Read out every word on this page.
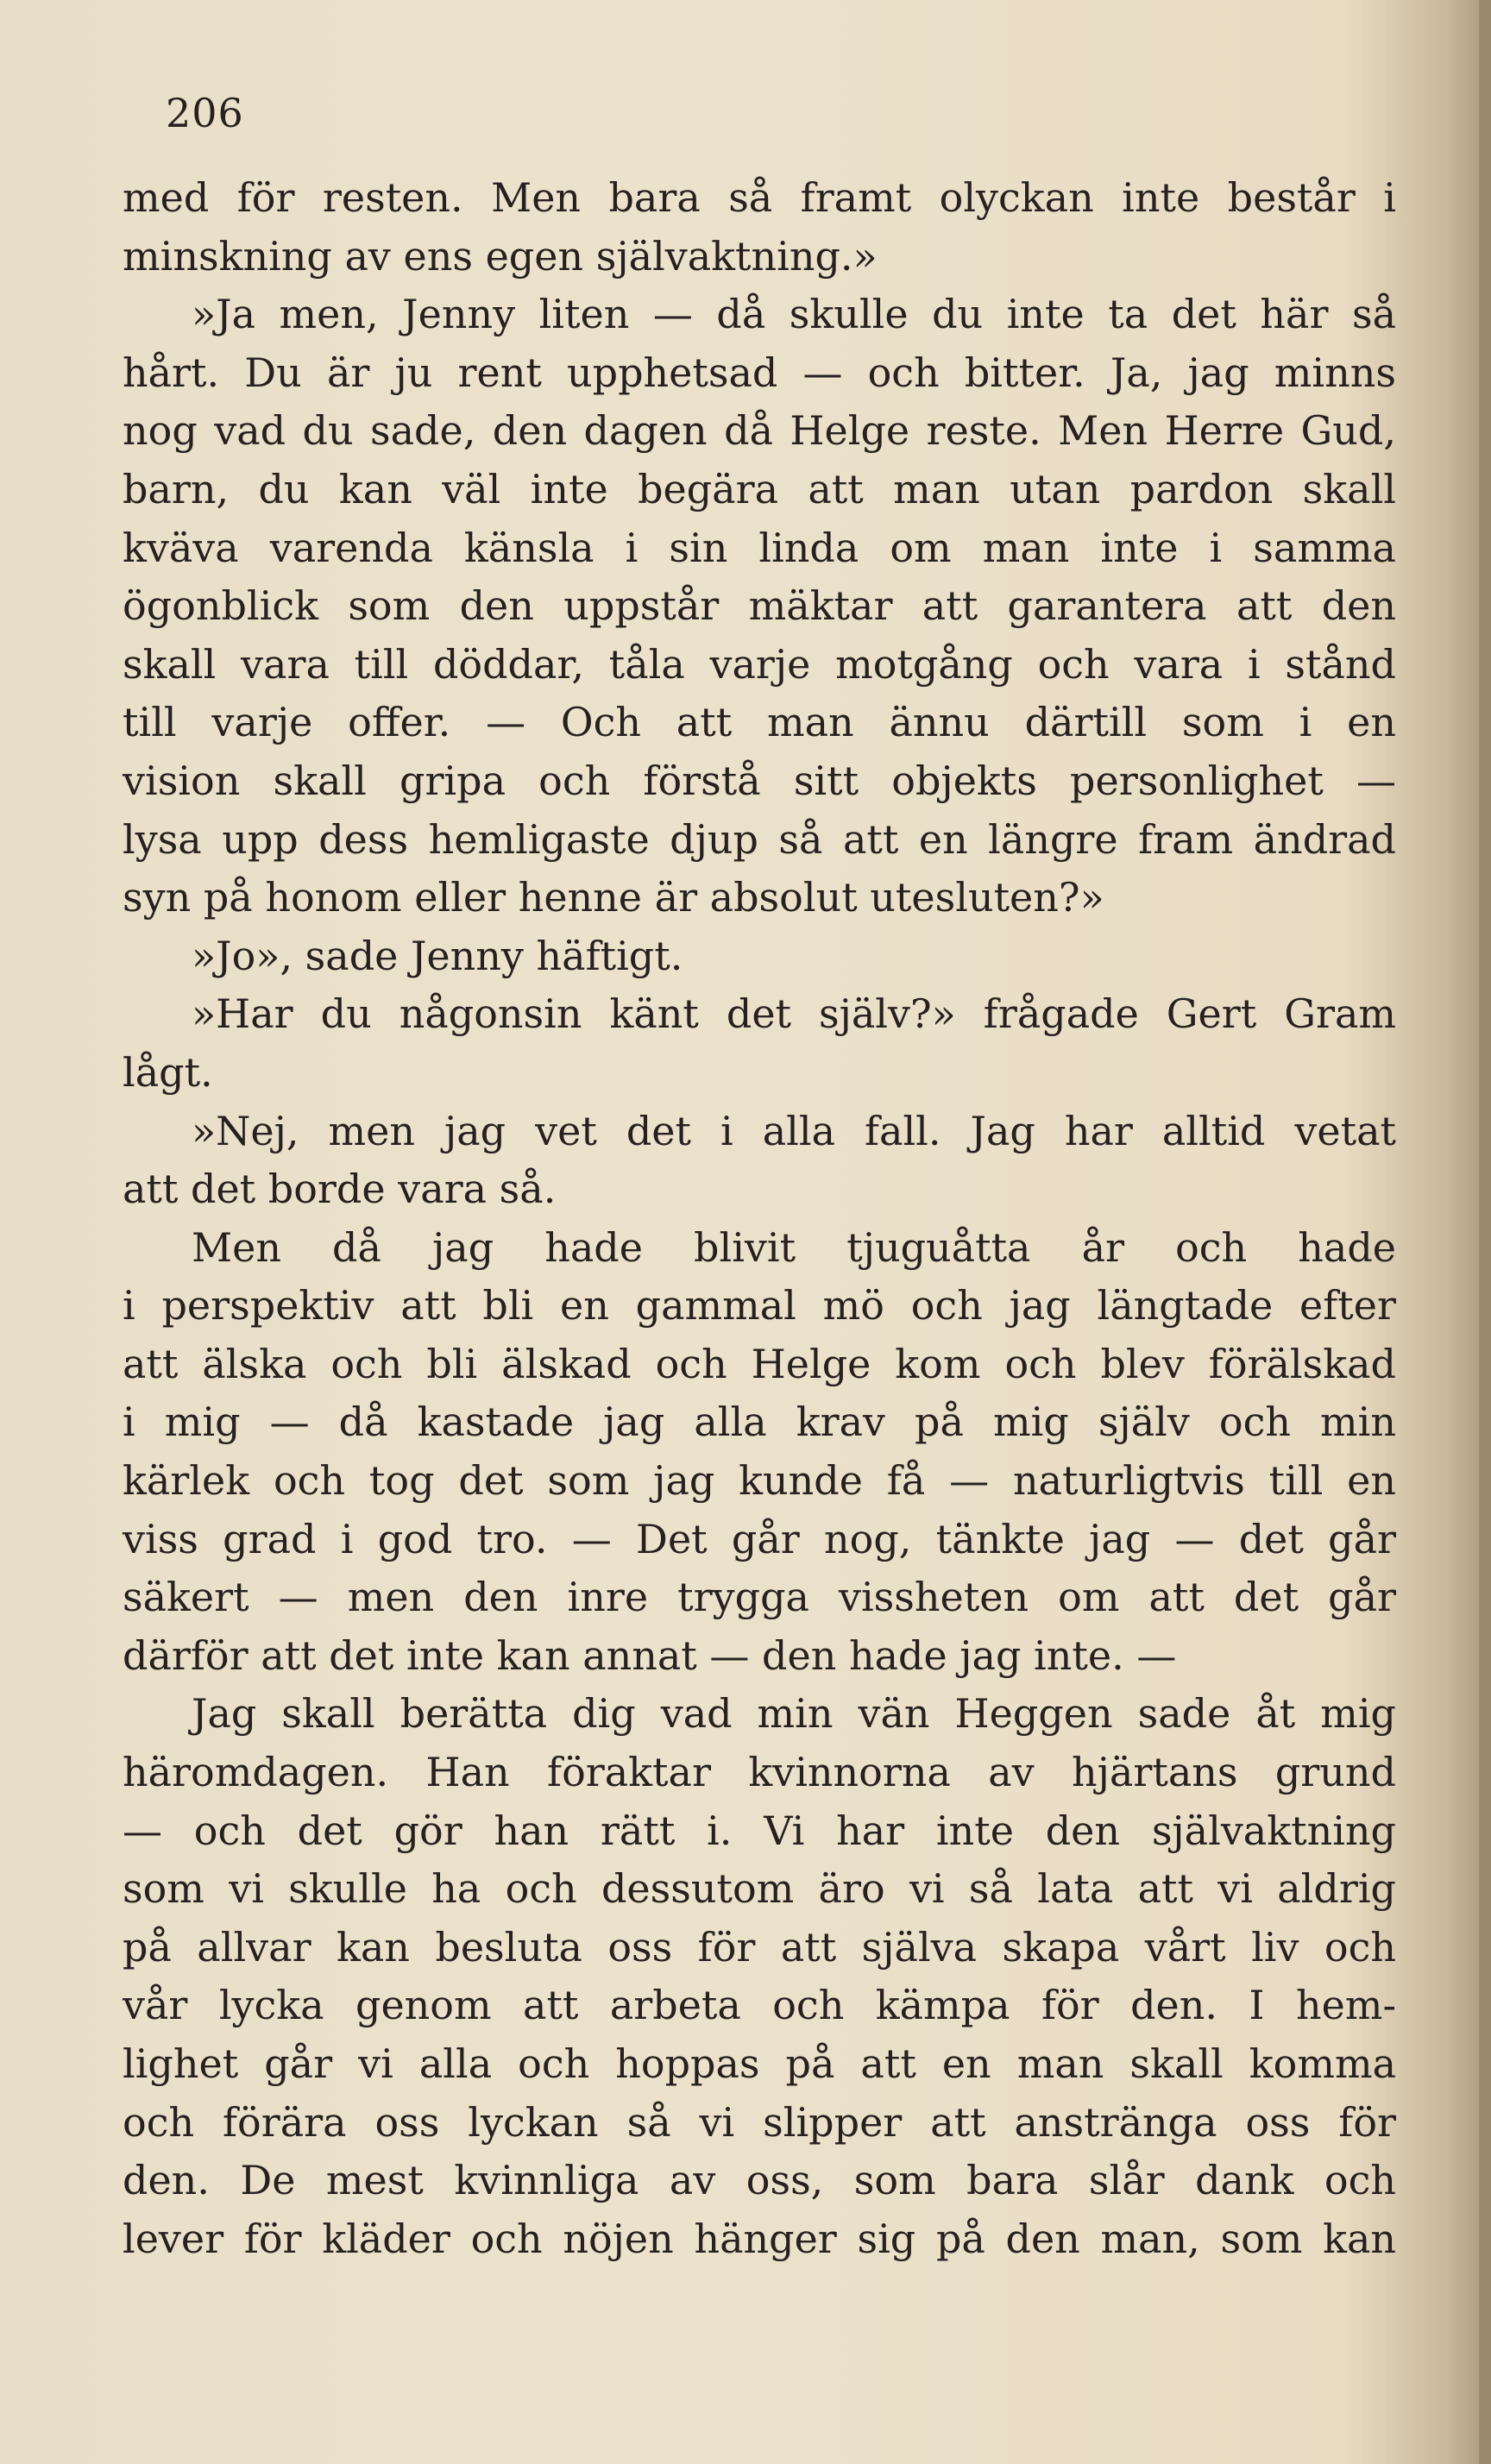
206
med för resten. Men bara så framt olyckan inte består i
minskning av ens egen självaktning.»
»Ja men, Jenny liten — då skulle du inte ta det här så
hårt. Du är ju rent upphetsad — och bitter. Ja, jag minns
nog vad du sade, den dagen då Helge reste. Men Herre Gud,
barn, du kan väl inte begära att man utan pardon skall
kväva varenda känsla i sin linda om man inte i samma
ögonblick som den uppstår mäktar att garantera att den
skall vara till döddar, tåla varje motgång och vara i stånd
till varje offer. — Och att man ännu därtill som i en
vision skall gripa och förstå sitt objekts personlighet —
lysa upp dess hemligaste djup så att en längre fram ändrad
syn på honom eller henne är absolut utesluten?»
»Jo», sade Jenny häftigt.
»Har du någonsin känt det själv?» frågade Gert Gram
lågt.
»Nej, men jag vet det i alla fall. Jag har alltid vetat
att det borde vara så.
Men då jag hade blivit tjuguåtta år och hade
i perspektiv att bli en gammal mö och jag längtade efter
att älska och bli älskad och Helge kom och blev förälskad
i mig — då kastade jag alla krav på mig själv och min
kärlek och tog det som jag kunde få — naturligtvis till en
viss grad i god tro. — Det går nog, tänkte jag — det går
säkert — men den inre trygga vissheten om att det går
därför att det inte kan annat — den hade jag inte. —
Jag skall berätta dig vad min vän Heggen sade åt mig
häromdagen. Han föraktar kvinnorna av hjärtans grund
— och det gör han rätt i. Vi har inte den självaktning
som vi skulle ha och dessutom äro vi så lata att vi aldrig
på allvar kan besluta oss för att själva skapa vårt liv och
vår lycka genom att arbeta och kämpa för den. I hem-
lighet går vi alla och hoppas på att en man skall komma
och förära oss lyckan så vi slipper att anstränga oss för
den. De mest kvinnliga av oss, som bara slår dank och
lever för kläder och nöjen hänger sig på den man, som kan
